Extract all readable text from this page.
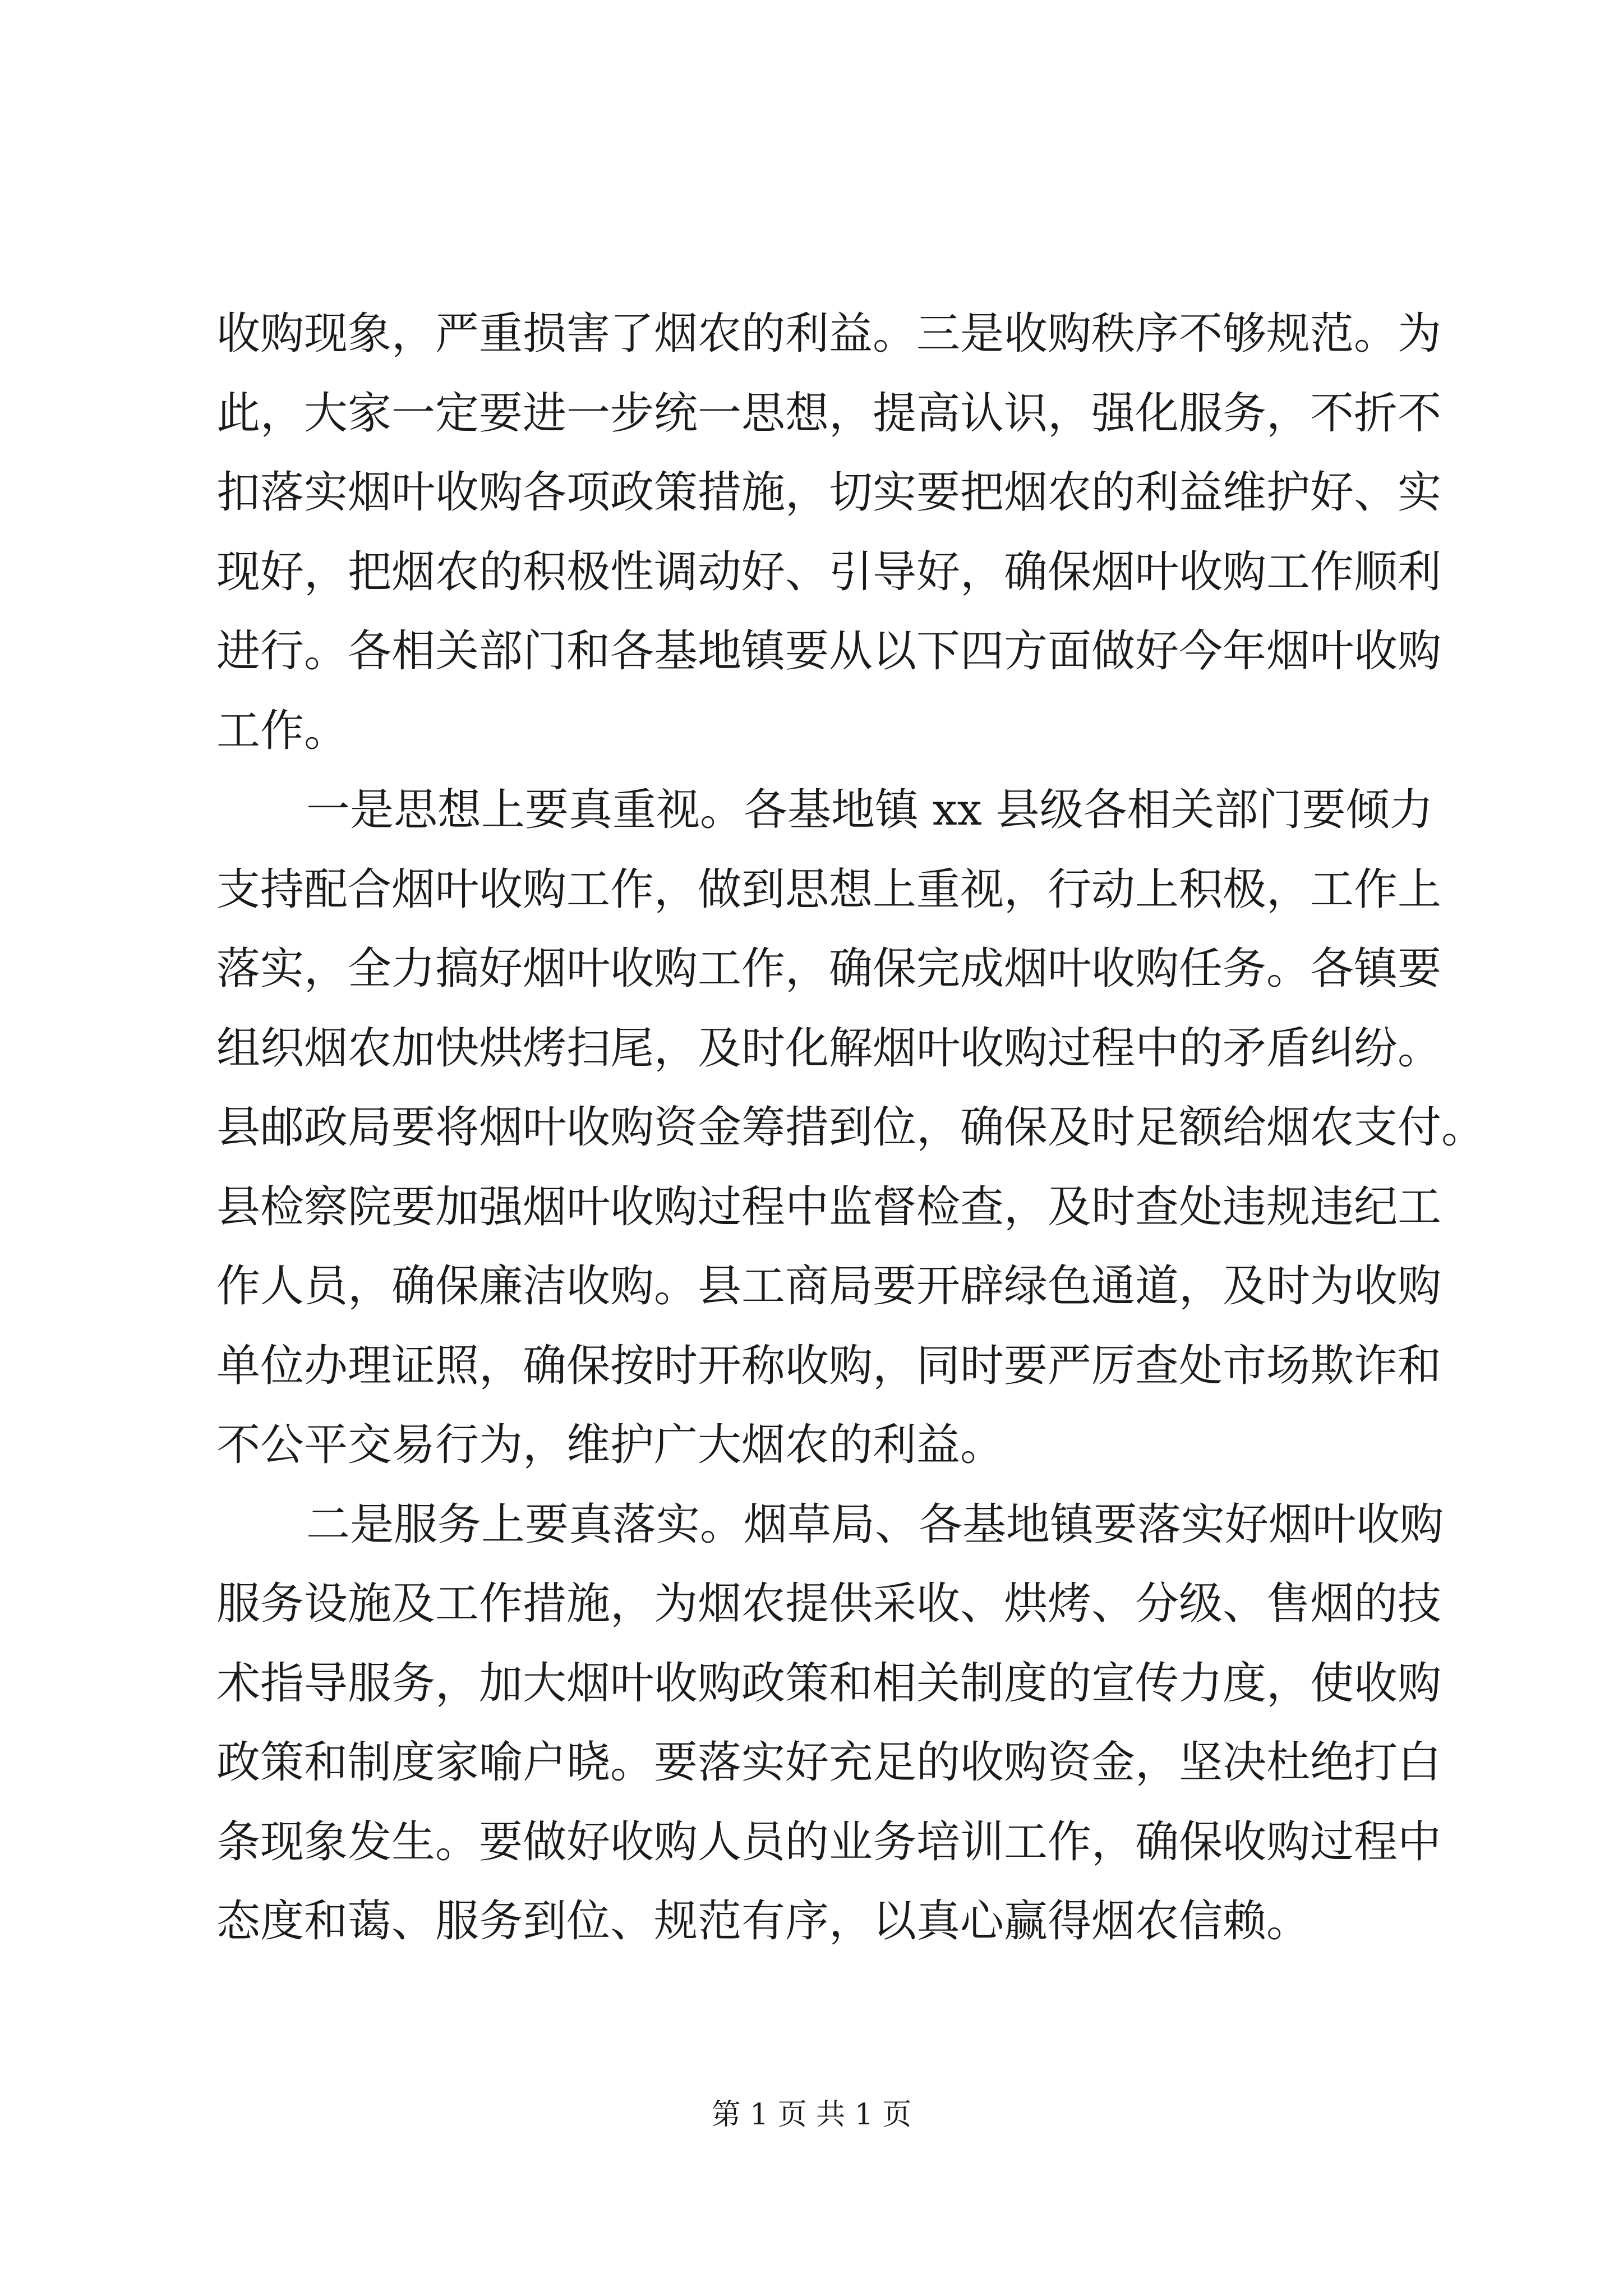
收购现象，严重损害了烟农的利益。三是收购秩序不够规范。为
此，大家一定要进一步统一思想，提高认识，强化服务，不折不
扣落实烟叶收购各项政策措施，切实要把烟农的利益维护好、实
现好，把烟农的积极性调动好、引导好，确保烟叶收购工作顺利
进行。各相关部门和各基地镇要从以下四方面做好今年烟叶收购
工作。
一是思想上要真重视。各基地镇 xx 县级各相关部门要倾力
支持配合烟叶收购工作，做到思想上重视，行动上积极，工作上
落实，全力搞好烟叶收购工作，确保完成烟叶收购任务。各镇要
组织烟农加快烘烤扫尾，及时化解烟叶收购过程中的矛盾纠纷。
县邮政局要将烟叶收购资金筹措到位，确保及时足额给烟农支付。
县检察院要加强烟叶收购过程中监督检查，及时查处违规违纪工
作人员，确保廉洁收购。县工商局要开辟绿色通道，及时为收购
单位办理证照，确保按时开称收购，同时要严厉查处市场欺诈和
不公平交易行为，维护广大烟农的利益。
二是服务上要真落实。烟草局、各基地镇要落实好烟叶收购
服务设施及工作措施，为烟农提供采收、烘烤、分级、售烟的技
术指导服务，加大烟叶收购政策和相关制度的宣传力度，使收购
政策和制度家喻户晓。要落实好充足的收购资金，坚决杜绝打白
条现象发生。要做好收购人员的业务培训工作，确保收购过程中
态度和蔼、服务到位、规范有序，以真心赢得烟农信赖。
第 1 页 共 1 页
